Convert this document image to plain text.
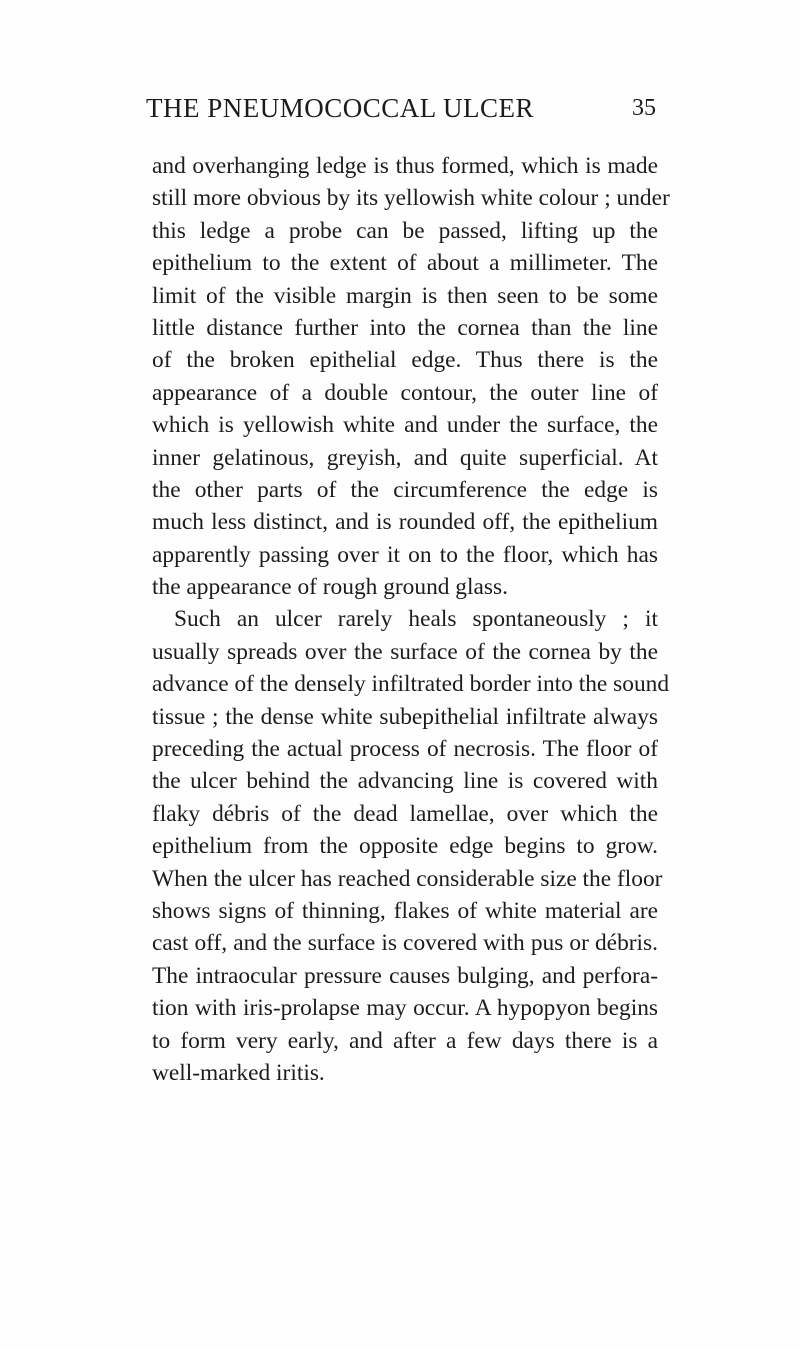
THE PNEUMOCOCCAL ULCER	35
and overhanging ledge is thus formed, which is made
still more obvious by its yellowish white colour ; under
this ledge a probe can be passed, lifting up the
epithelium to the extent of about a millimeter. The
limit of the visible margin is then seen to be some
little distance further into the cornea than the line
of the broken epithelial edge. Thus there is the
appearance of a double contour, the outer line of
which is yellowish white and under the surface, the
inner gelatinous, greyish, and quite superficial. At
the other parts of the circumference the edge is
much less distinct, and is rounded off, the epithelium
apparently passing over it on to the floor, which has
the appearance of rough ground glass.
Such an ulcer rarely heals spontaneously ; it
usually spreads over the surface of the cornea by the
advance of the densely infiltrated border into the sound
tissue ; the dense white subepithelial infiltrate always
preceding the actual process of necrosis. The floor of
the ulcer behind the advancing line is covered with
flaky débris of the dead lamellae, over which the
epithelium from the opposite edge begins to grow.
When the ulcer has reached considerable size the floor
shows signs of thinning, flakes of white material are
cast off, and the surface is covered with pus or débris.
The intraocular pressure causes bulging, and perfora-
tion with iris-prolapse may occur. A hypopyon begins
to form very early, and after a few days there is a
well-marked iritis.
